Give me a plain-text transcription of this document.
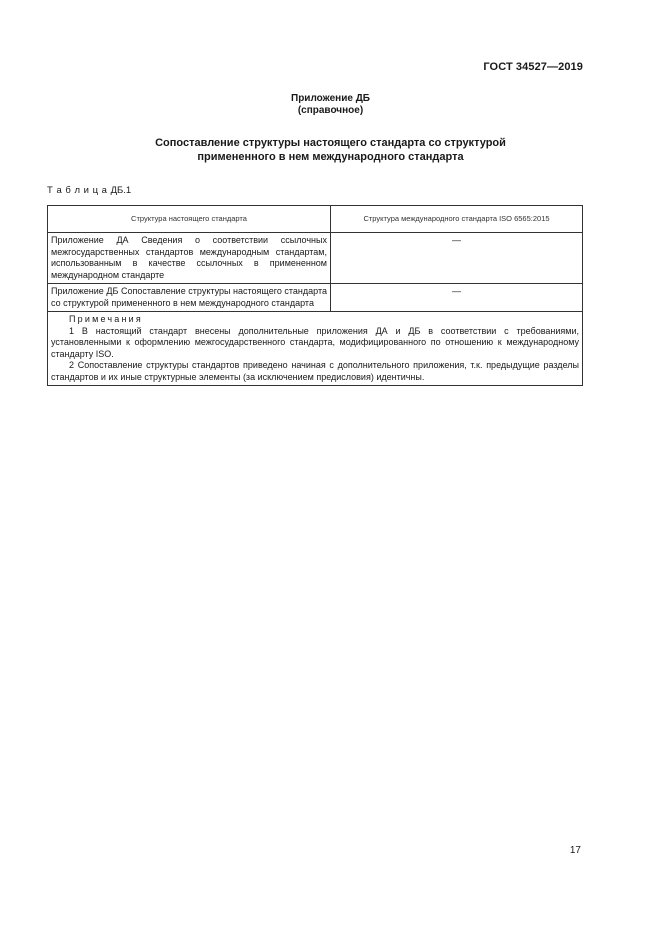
ГОСТ 34527—2019
Приложение ДБ
(справочное)
Сопоставление структуры настоящего стандарта со структурой
примененного в нем международного стандарта
Т а б л и ц а ДБ.1
Структура настоящего стандарта	Структура международного стандарта ISO 6565:2015
Приложение ДА Сведения о соответствии ссылочных межгосударственных стандартов международным стандартам, использованным в качестве ссылочных в примененном международном стандарте	—
Приложение ДБ Сопоставление структуры настоящего стандарта со структурой примененного в нем международного стандарта	—

Примечания
1 В настоящий стандарт внесены дополнительные приложения ДА и ДБ в соответствии с требованиями, установленными к оформлению межгосударственного стандарта, модифицированного по отношению к международному стандарту ISO.
2 Сопоставление структуры стандартов приведено начиная с дополнительного приложения, т.к. предыдущие разделы стандартов и их иные структурные элементы (за исключением предисловия) идентичны.	
17
